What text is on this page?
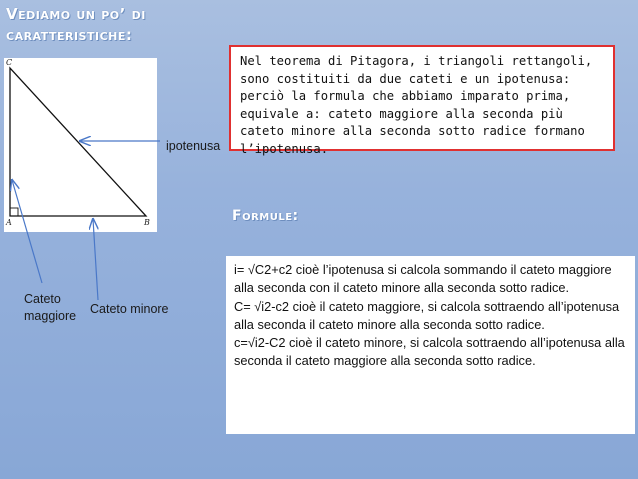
Vediamo un po’ di caratteristiche:
C
A	B
ipotenusa
Nel teorema di Pitagora, i triangoli rettangoli, sono costituiti da due cateti e un ipotenusa: perciò la formula che abbiamo imparato prima, equivale a: cateto maggiore alla seconda più cateto minore alla seconda sotto radice formano l’ipotenusa.
Cateto
maggiore Cateto minore
Formule:

i= √C2+c2 cioè l’ipotenusa si calcola sommando il cateto maggiore alla seconda con il cateto minore alla seconda sotto radice.

C= √i2-c2 cioè il cateto maggiore, si calcola sottraendo all’ipotenusa alla seconda il cateto minore alla seconda sotto radice.

c=√i2-C2 cioè il cateto minore, si calcola sottraendo all’ipotenusa alla seconda il cateto maggiore alla seconda sotto radice.
